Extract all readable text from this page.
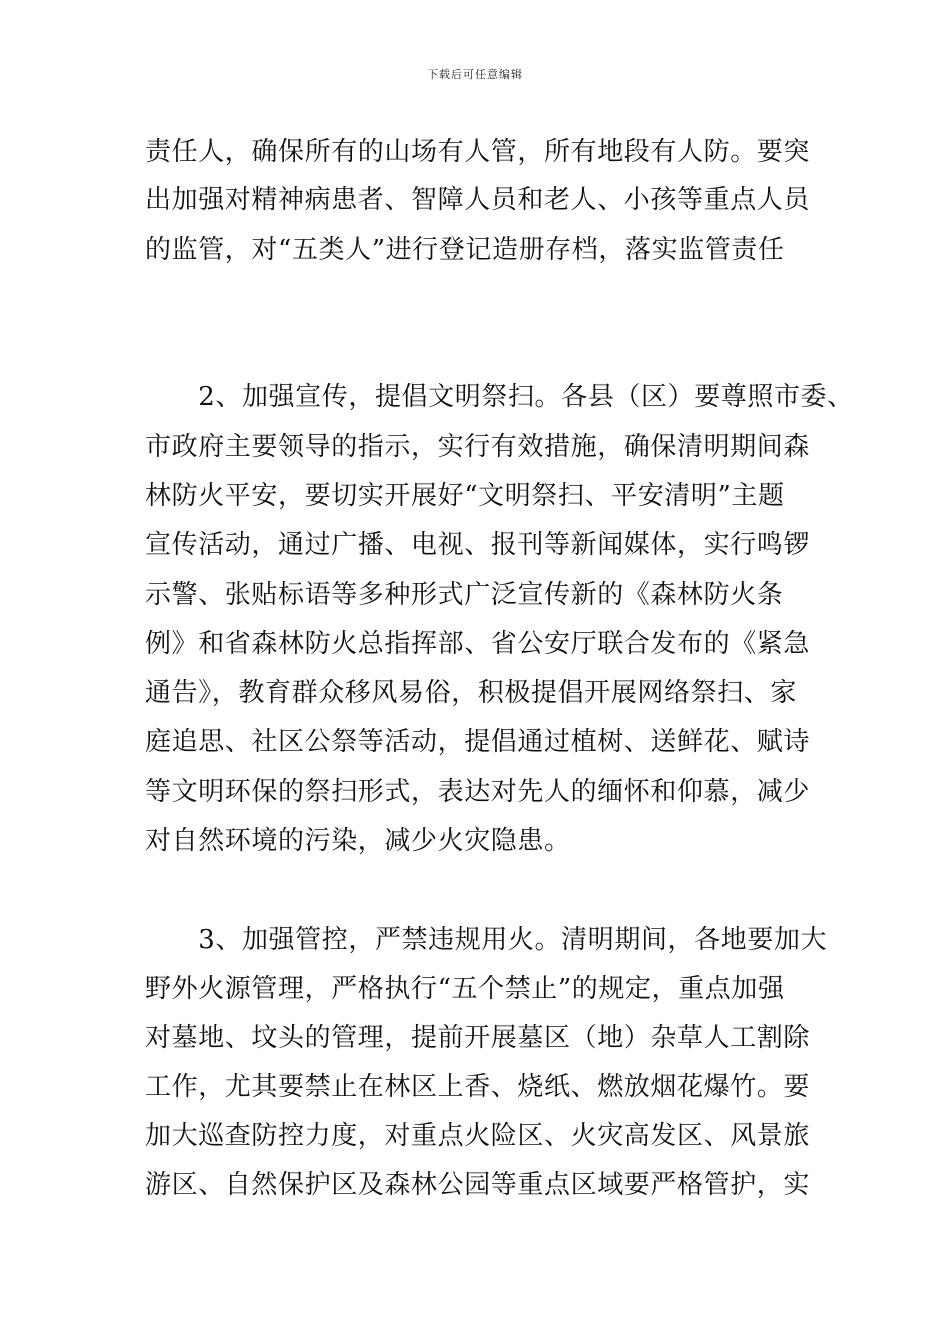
下载后可任意编辑
责任人，确保所有的山场有人管，所有地段有人防。要突
出加强对精神病患者、智障人员和老人、小孩等重点人员
的监管，对“五类人”进行登记造册存档，落实监管责任
　　2、加强宣传，提倡文明祭扫。各县（区）要尊照市委、
市政府主要领导的指示，实行有效措施，确保清明期间森
林防火平安，要切实开展好“文明祭扫、平安清明”主题
宣传活动，通过广播、电视、报刊等新闻媒体，实行鸣锣
示警、张贴标语等多种形式广泛宣传新的《森林防火条
例》和省森林防火总指挥部、省公安厅联合发布的《紧急
通告》，教育群众移风易俗，积极提倡开展网络祭扫、家
庭追思、社区公祭等活动，提倡通过植树、送鲜花、赋诗
等文明环保的祭扫形式，表达对先人的缅怀和仰慕，减少
对自然环境的污染，减少火灾隐患。
　　3、加强管控，严禁违规用火。清明期间，各地要加大
野外火源管理，严格执行“五个禁止”的规定，重点加强
对墓地、坟头的管理，提前开展墓区（地）杂草人工割除
工作，尤其要禁止在林区上香、烧纸、燃放烟花爆竹。要
加大巡查防控力度，对重点火险区、火灾高发区、风景旅
游区、自然保护区及森林公园等重点区域要严格管护，实
